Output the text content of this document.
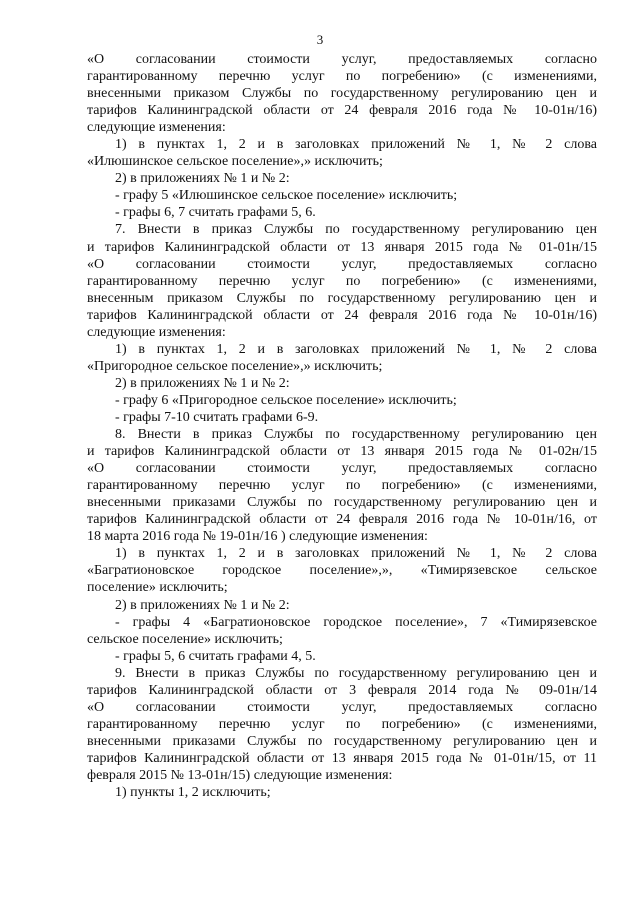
3
«О согласовании стоимости услуг, предоставляемых согласно
гарантированному перечню услуг по погребению» (с изменениями,
внесенными приказом Службы по государственному регулированию цен и
тарифов Калининградской области от 24 февраля 2016 года № 10-01н/16)
следующие изменения:
1) в пунктах 1, 2 и в заголовках приложений № 1, № 2 слова
«Илюшинское сельское поселение»,» исключить;
2) в приложениях № 1 и № 2:
- графу 5 «Илюшинское сельское поселение» исключить;
- графы 6, 7 считать графами 5, 6.
7. Внести в приказ Службы по государственному регулированию цен
и тарифов Калининградской области от 13 января 2015 года № 01-01н/15
«О согласовании стоимости услуг, предоставляемых согласно
гарантированному перечню услуг по погребению» (с изменениями,
внесенным приказом Службы по государственному регулированию цен и
тарифов Калининградской области от 24 февраля 2016 года № 10-01н/16)
следующие изменения:
1) в пунктах 1, 2 и в заголовках приложений № 1, № 2 слова
«Пригородное сельское поселение»,» исключить;
2) в приложениях № 1 и № 2:
- графу 6 «Пригородное сельское поселение» исключить;
- графы 7-10 считать графами 6-9.
8. Внести в приказ Службы по государственному регулированию цен
и тарифов Калининградской области от 13 января 2015 года № 01-02н/15
«О согласовании стоимости услуг, предоставляемых согласно
гарантированному перечню услуг по погребению» (с изменениями,
внесенными приказами Службы по государственному регулированию цен и
тарифов Калининградской области от 24 февраля 2016 года № 10-01н/16, от
18 марта 2016 года № 19-01н/16 ) следующие изменения:
1) в пунктах 1, 2 и в заголовках приложений № 1, № 2 слова
«Багратионовское городское поселение»,», «Тимирязевское сельское
поселение» исключить;
2) в приложениях № 1 и № 2:
- графы 4 «Багратионовское городское поселение», 7 «Тимирязевское
сельское поселение» исключить;
- графы 5, 6 считать графами 4, 5.
9. Внести в приказ Службы по государственному регулированию цен и
тарифов Калининградской области от 3 февраля 2014 года № 09-01н/14
«О согласовании стоимости услуг, предоставляемых согласно
гарантированному перечню услуг по погребению» (с изменениями,
внесенными приказами Службы по государственному регулированию цен и
тарифов Калининградской области от 13 января 2015 года № 01-01н/15, от 11
февраля 2015 № 13-01н/15) следующие изменения:
1) пункты 1, 2 исключить;
